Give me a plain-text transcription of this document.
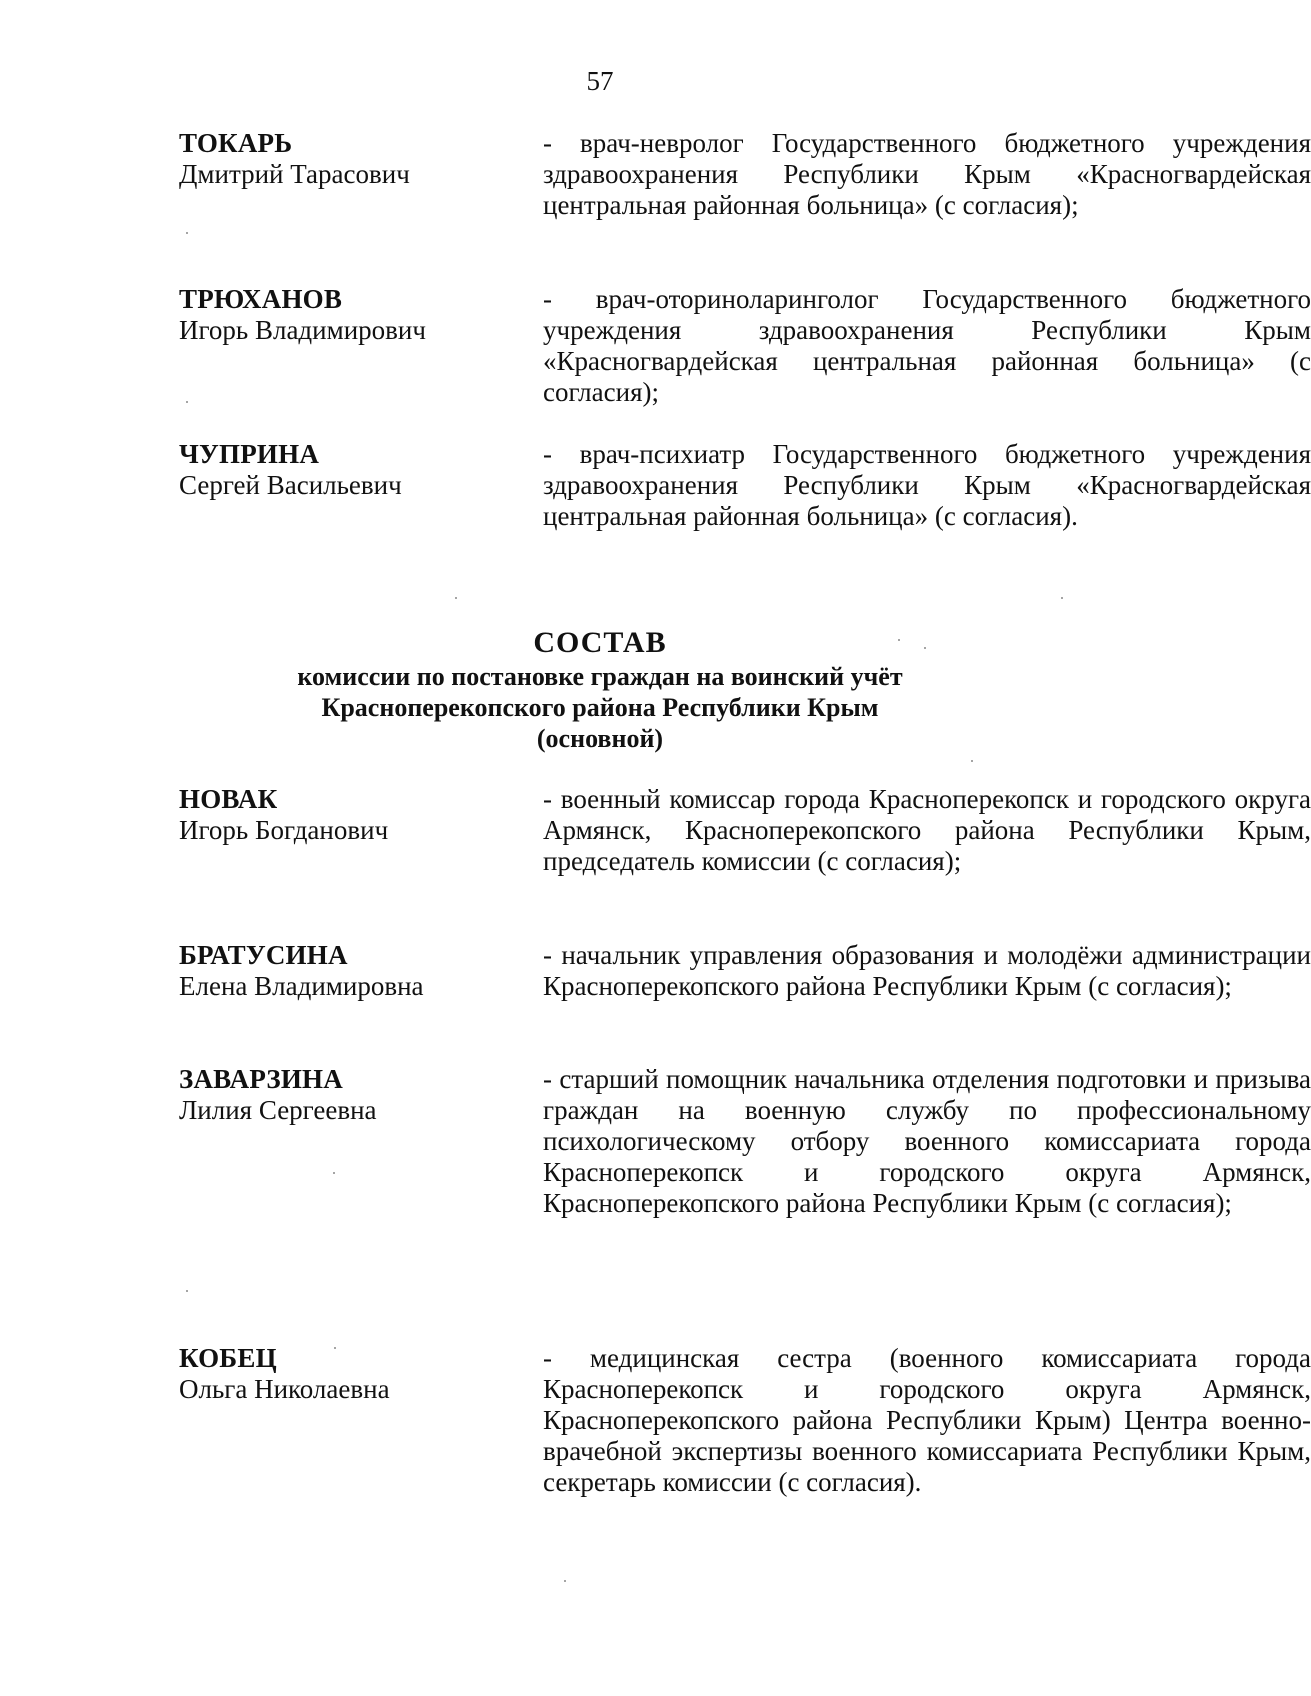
57
ТОКАРЬ
Дмитрий Тарасович
- врач-невролог Государственного бюджетного учреждения здравоохранения Республики Крым «Красногвардейская центральная районная больница» (с согласия);
ТРЮХАНОВ
Игорь Владимирович
- врач-оториноларинголог Государственного бюджетного учреждения здравоохранения Республики Крым «Красногвардейская центральная районная больница» (с согласия);
ЧУПРИНА
Сергей Васильевич
- врач-психиатр Государственного бюджетного учреждения здравоохранения Республики Крым «Красногвардейская центральная районная больница» (с согласия).
СОСТАВ
комиссии по постановке граждан на воинский учёт
Красноперекопского района Республики Крым
(основной)
НОВАК
Игорь Богданович
- военный комиссар города Красноперекопск и городского округа Армянск, Красноперекопского района Республики Крым, председатель комиссии (с согласия);
БРАТУСИНА
Елена Владимировна
- начальник управления образования и молодёжи администрации Красноперекопского района Республики Крым (с согласия);
ЗАВАРЗИНА
Лилия Сергеевна
- старший помощник начальника отделения подготовки и призыва граждан на военную службу по профессиональному психологическому отбору военного комиссариата города Красноперекопск и городского округа Армянск, Красноперекопского района Республики Крым (с согласия);
КОБЕЦ
Ольга Николаевна
- медицинская сестра (военного комиссариата города Красноперекопск и городского округа Армянск, Красноперекопского района Республики Крым) Центра военно-врачебной экспертизы военного комиссариата Республики Крым, секретарь комиссии (с согласия).
